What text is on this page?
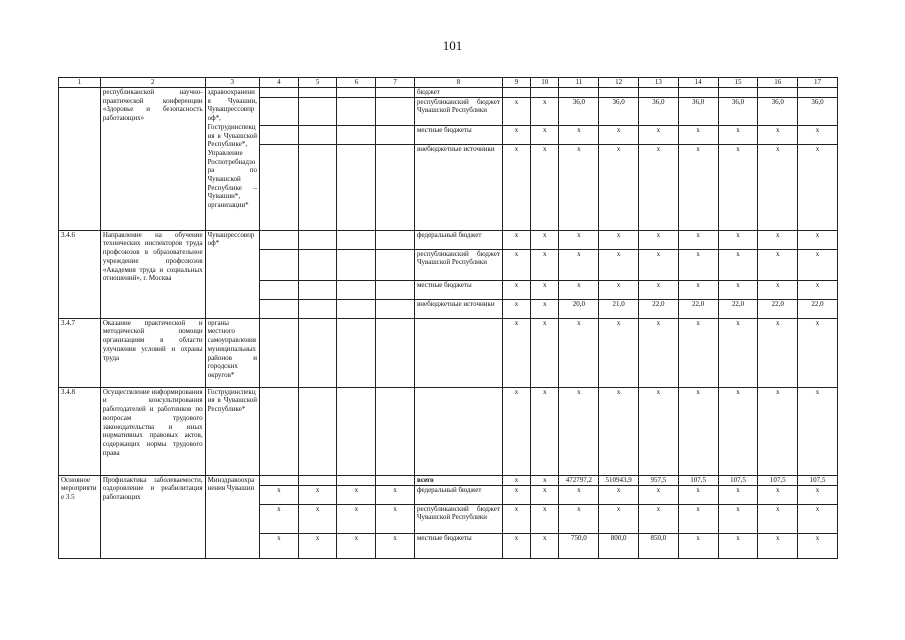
101
1	2	3	4	5	6	7	8	9	10	11	12	13	14	15	16	17
	республиканской научно-практической конференции «Здоровье и безопасность работающих»	здравоохранения Чувашии, Чувашрессовпроф*, Гострудинспекция в Чувашской Республике*, Управление Роспотребнадзора по Чувашской Республике – Чувашии*, организации*					бюджет									
							республиканский бюджет Чувашской Республики	x	x	36,0	36,0	36,0	36,0	36,0	36,0	36,0
							местные бюджеты	x	x	x	x	x	x	x	x	x
							внебюджетные источники	x	x	x	x	x	x	x	x	x
3.4.6	Направление на обучение технических инспекторов труда профсоюзов в образовательное учреждение профсоюзов «Академия труда и социальных отношений», г. Москва	Чувашрессовпроф*					федеральный бюджет	x	x	x	x	x	x	x	x	x
							республиканский бюджет Чувашской Республики	x	x	x	x	x	x	x	x	x
							местные бюджеты	x	x	x	x	x	x	x	x	x
							внебюджетные источники	x	x	20,0	21,0	22,0	22,0	22,0	22,0	22,0
3.4.7	Оказание практической и методической помощи организациям в области улучшения условий и охраны труда	органы местного самоуправления муниципальных районов и городских округов*						x	x	x	x	x	x	x	x	x
3.4.8	Осуществление информирования и консультирования работодателей и работников по вопросам трудового законодательства и иных нормативных правовых актов, содержащих нормы трудового права	Гострудинспекция в Чувашской Республике*						x	x	x	x	x	x	x	x	x
Основное мероприятие 3.5	Профилактика заболеваемости, оздоровление и реабилитация работающих	Минздравоохранения Чувашии					всего	x	x	472797,2	510943,9	957,5	107,5	107,5	107,5	107,5
			x	x	x	x	федеральный бюджет	x	x	x	x	x	x	x	x	x
			x	x	x	x	республиканский бюджет Чувашской Республики	x	x	x	x	x	x	x	x	x
			x	x	x	x	местные бюджеты	x	x	750,0	800,0	850,0	x	x	x	x
